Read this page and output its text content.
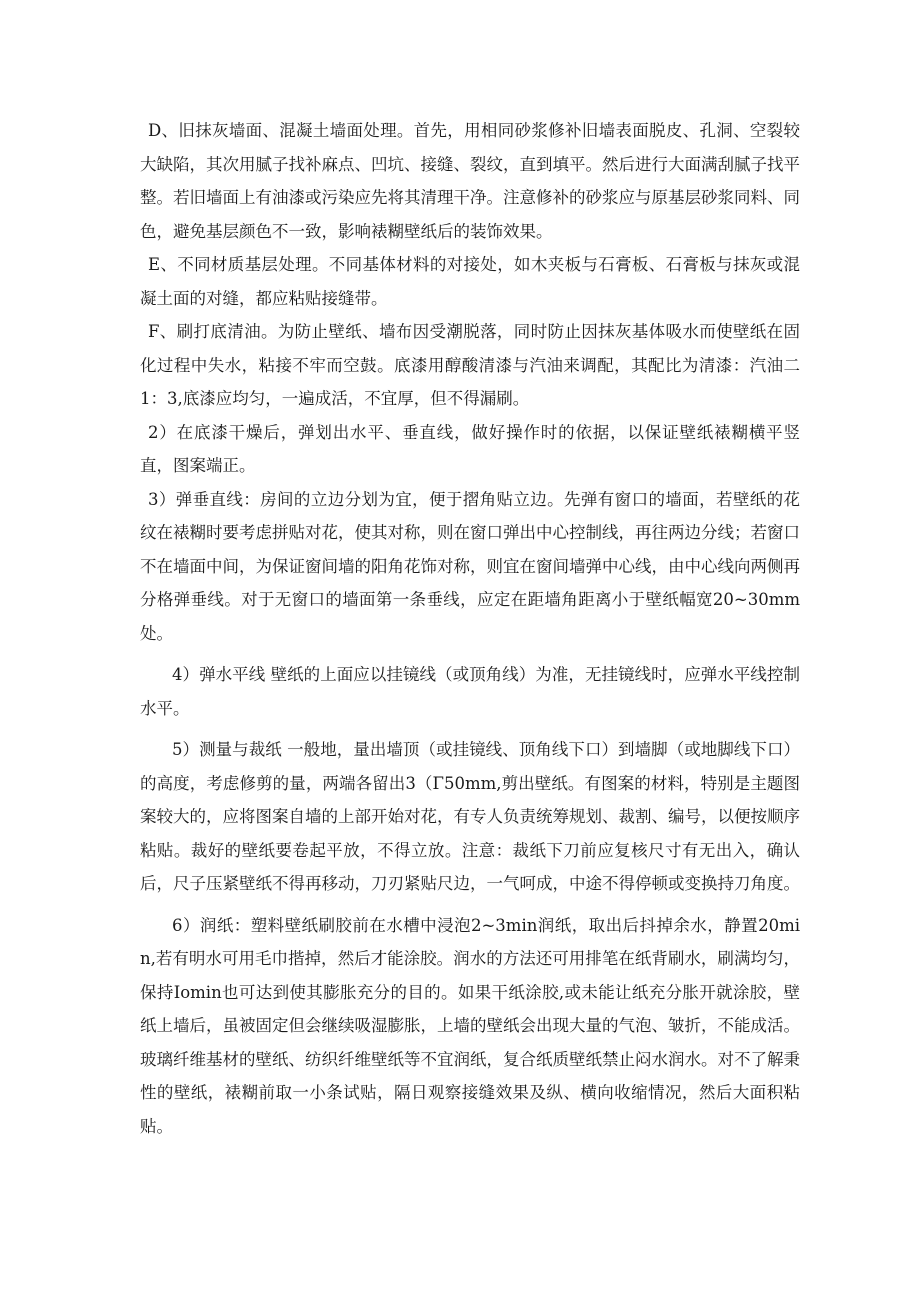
D、旧抹灰墙面、混凝土墙面处理。首先，用相同砂浆修补旧墙表面脱皮、孔洞、空裂较大缺陷，其次用腻子找补麻点、凹坑、接缝、裂纹，直到填平。然后进行大面满刮腻子找平整。若旧墙面上有油漆或污染应先将其清理干净。注意修补的砂浆应与原基层砂浆同料、同色，避免基层颜色不一致，影响裱糊壁纸后的装饰效果。

E、不同材质基层处理。不同基体材料的对接处，如木夹板与石膏板、石膏板与抹灰或混凝土面的对缝，都应粘贴接缝带。

F、刷打底清油。为防止壁纸、墙布因受潮脱落，同时防止因抹灰基体吸水而使壁纸在固化过程中失水，粘接不牢而空鼓。底漆用醇酸清漆与汽油来调配，其配比为清漆：汽油二1：3,底漆应均匀，一遍成活，不宜厚，但不得漏刷。

2）在底漆干燥后，弹划出水平、垂直线，做好操作时的依据，以保证壁纸裱糊横平竖直，图案端正。

3）弹垂直线：房间的立边分划为宜，便于摺角贴立边。先弹有窗口的墙面，若壁纸的花纹在裱糊时要考虑拼贴对花，使其对称，则在窗口弹出中心控制线，再往两边分线；若窗口不在墙面中间，为保证窗间墙的阳角花饰对称，则宜在窗间墙弹中心线，由中心线向两侧再分格弹垂线。对于无窗口的墙面第一条垂线，应定在距墙角距离小于壁纸幅宽20~30mm处。

4）弹水平线 壁纸的上面应以挂镜线（或顶角线）为准，无挂镜线时，应弹水平线控制水平。

5）测量与裁纸 一般地，量出墙顶（或挂镜线、顶角线下口）到墙脚（或地脚线下口）的高度，考虑修剪的量，两端各留出3（Γ50mm,剪出壁纸。有图案的材料，特别是主题图案较大的，应将图案自墙的上部开始对花，有专人负责统筹规划、裁割、编号，以便按顺序粘贴。裁好的壁纸要卷起平放，不得立放。注意：裁纸下刀前应复核尺寸有无出入，确认后，尺子压紧壁纸不得再移动，刀刃紧贴尺边，一气呵成，中途不得停顿或变换持刀角度。

6）润纸：塑料壁纸刷胶前在水槽中浸泡2~3min润纸，取出后抖掉余水，静置20min,若有明水可用毛巾揩掉，然后才能涂胶。润水的方法还可用排笔在纸背刷水，刷满均匀，保持Iomin也可达到使其膨胀充分的目的。如果干纸涂胶,或未能让纸充分胀开就涂胶，壁纸上墙后，虽被固定但会继续吸湿膨胀，上墙的壁纸会出现大量的气泡、皱折，不能成活。玻璃纤维基材的壁纸、纺织纤维壁纸等不宜润纸，复合纸质壁纸禁止闷水润水。对不了解秉性的壁纸，裱糊前取一小条试贴，隔日观察接缝效果及纵、横向收缩情况，然后大面积粘贴。
